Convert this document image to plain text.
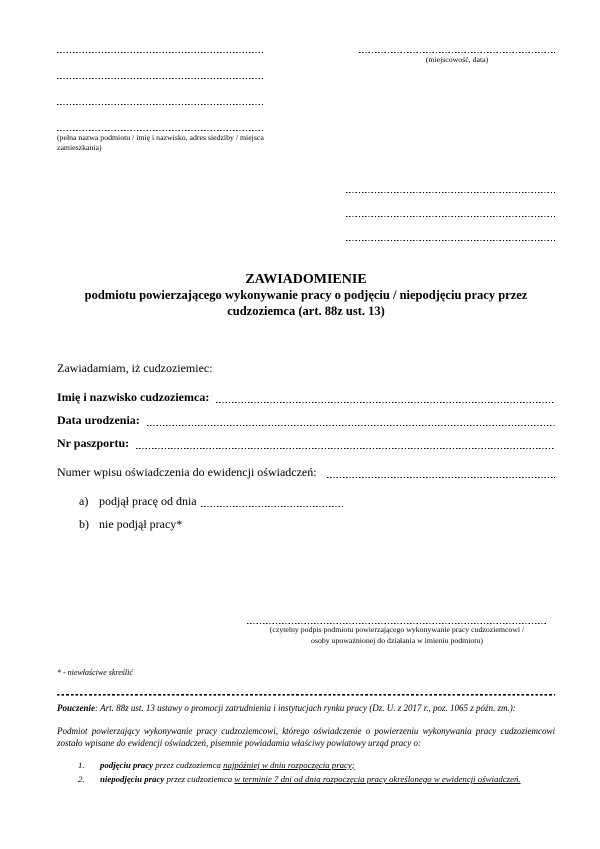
(pełna nazwa podmiotu / imię i nazwisko, adres siedziby / miejsca zamieszkania)
(miejscowość, data)
ZAWIADOMIENIE
podmiotu powierzającego wykonywanie pracy o podjęciu / niepodjęciu pracy przez cudzoziemca (art. 88z ust. 13)
Zawiadamiam, iż cudzoziemiec:
Imię i nazwisko cudzoziemca:
Data urodzenia:
Nr paszportu:
Numer wpisu oświadczenia do ewidencji oświadczeń:
a) podjął pracę od dnia
b) nie podjął pracy*
(czytelny podpis podmiotu powierzającego wykonywanie pracy cudzoziemcowi /
osoby upoważnionej do działania w imieniu podmiotu)
* - niewłaściwe skreślić
Pouczenie: Art. 88z ust. 13 ustawy o promocji zatrudnienia i instytucjach rynku pracy (Dz. U. z 2017 r., poz. 1065 z późn. zm.):
Podmiot powierzający wykonywanie pracy cudzoziemcowi, którego oświadczenie o powierzeniu wykonywania pracy cudzoziemcowi zostało wpisane do ewidencji oświadczeń, pisemnie powiadamia właściwy powiatowy urząd pracy o:
1.	podjęciu pracy przez cudzoziemca najpóźniej w dniu rozpoczęcia pracy;
2.	niepodjęciu pracy przez cudzoziemca w terminie 7 dni od dnia rozpoczęcia pracy określonego w ewidencji oświadczeń.
